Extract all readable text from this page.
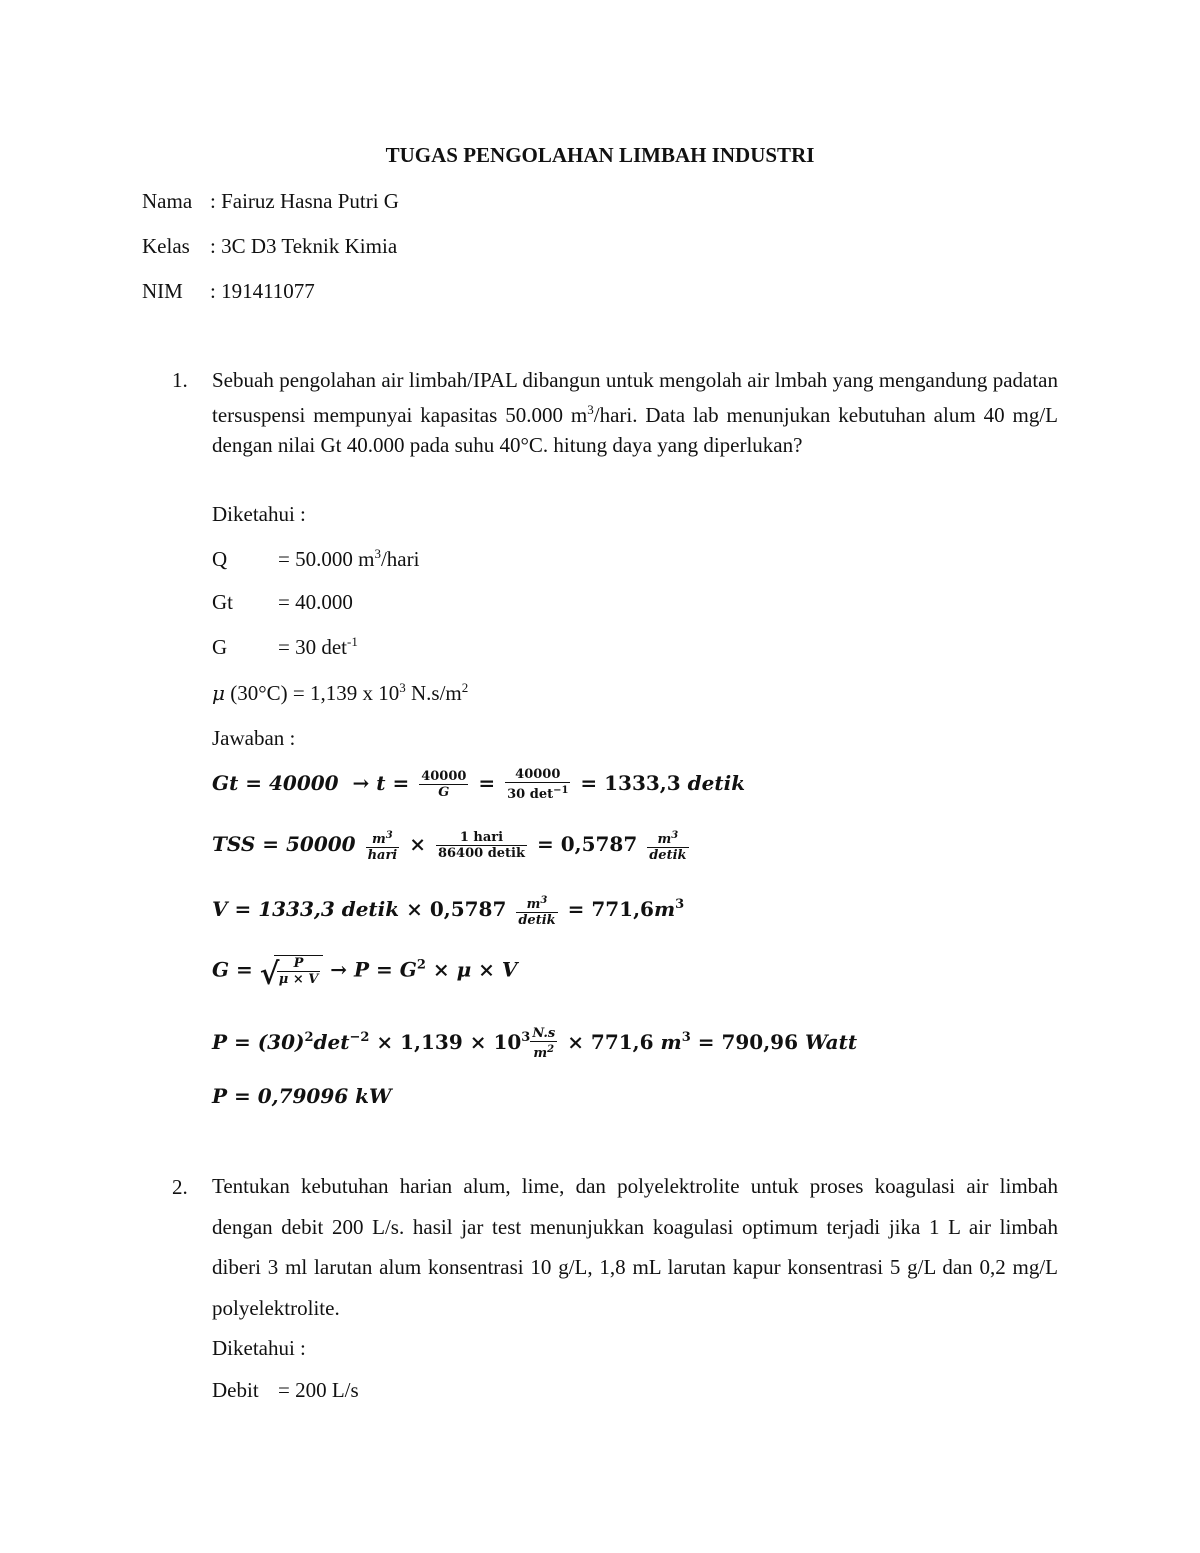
TUGAS PENGOLAHAN LIMBAH INDUSTRI
Nama : Fairuz Hasna Putri G
Kelas : 3C D3 Teknik Kimia
NIM : 191411077
1. Sebuah pengolahan air limbah/IPAL dibangun untuk mengolah air lmbah yang mengandung padatan tersuspensi mempunyai kapasitas 50.000 $m^3$/hari. Data lab menunjukan kebutuhan alum 40 mg/L dengan nilai Gt 40.000 pada suhu 40°C. hitung daya yang diperlukan?
Diketahui :
Q = 50.000 $m^3$/hari
Gt = 40.000
G = 30 $\det^{-1}$
μ (30°C) = 1,139 x $10^3$ $N.s/m^2$
Jawaban :
$Gt = 40000 \to t = \frac{40000}{G} = \frac{40000}{30 \det^{-1}} = 1333,3$ detik
TSS = $50000 \frac{m^3}{\text{hari}} \times \frac{\text{1 hari}}{\text{86400 detik}} = 0,5787 \frac{m^3}{\text{detik}}$
V = 1333,3 detik × $0,5787 \frac{m^3}{\text{detik}} = 771,6m^3$
G = √
$\frac{P}{\mu \times V} \to P = G^2 \times \mu \times V$
$P = (30)^2\det^{-2} \times 1,139 \times 10^3 \frac{N.s}{m^2} \times 771,6$ $m^3 = 790,96$ Watt
P = 0,79096 kW
2. Tentukan kebutuhan harian alum, lime, dan polyelektrolite untuk proses koagulasi air limbah dengan debit 200 L/s. hasil jar test menunjukkan koagulasi optimum terjadi jika 1 L air limbah diberi 3 ml larutan alum konsentrasi 10 g/L, 1,8 mL larutan kapur konsentrasi 5 g/L dan 0,2 mg/L polyelektrolite.
Diketahui :
Debit = 200 L/s
